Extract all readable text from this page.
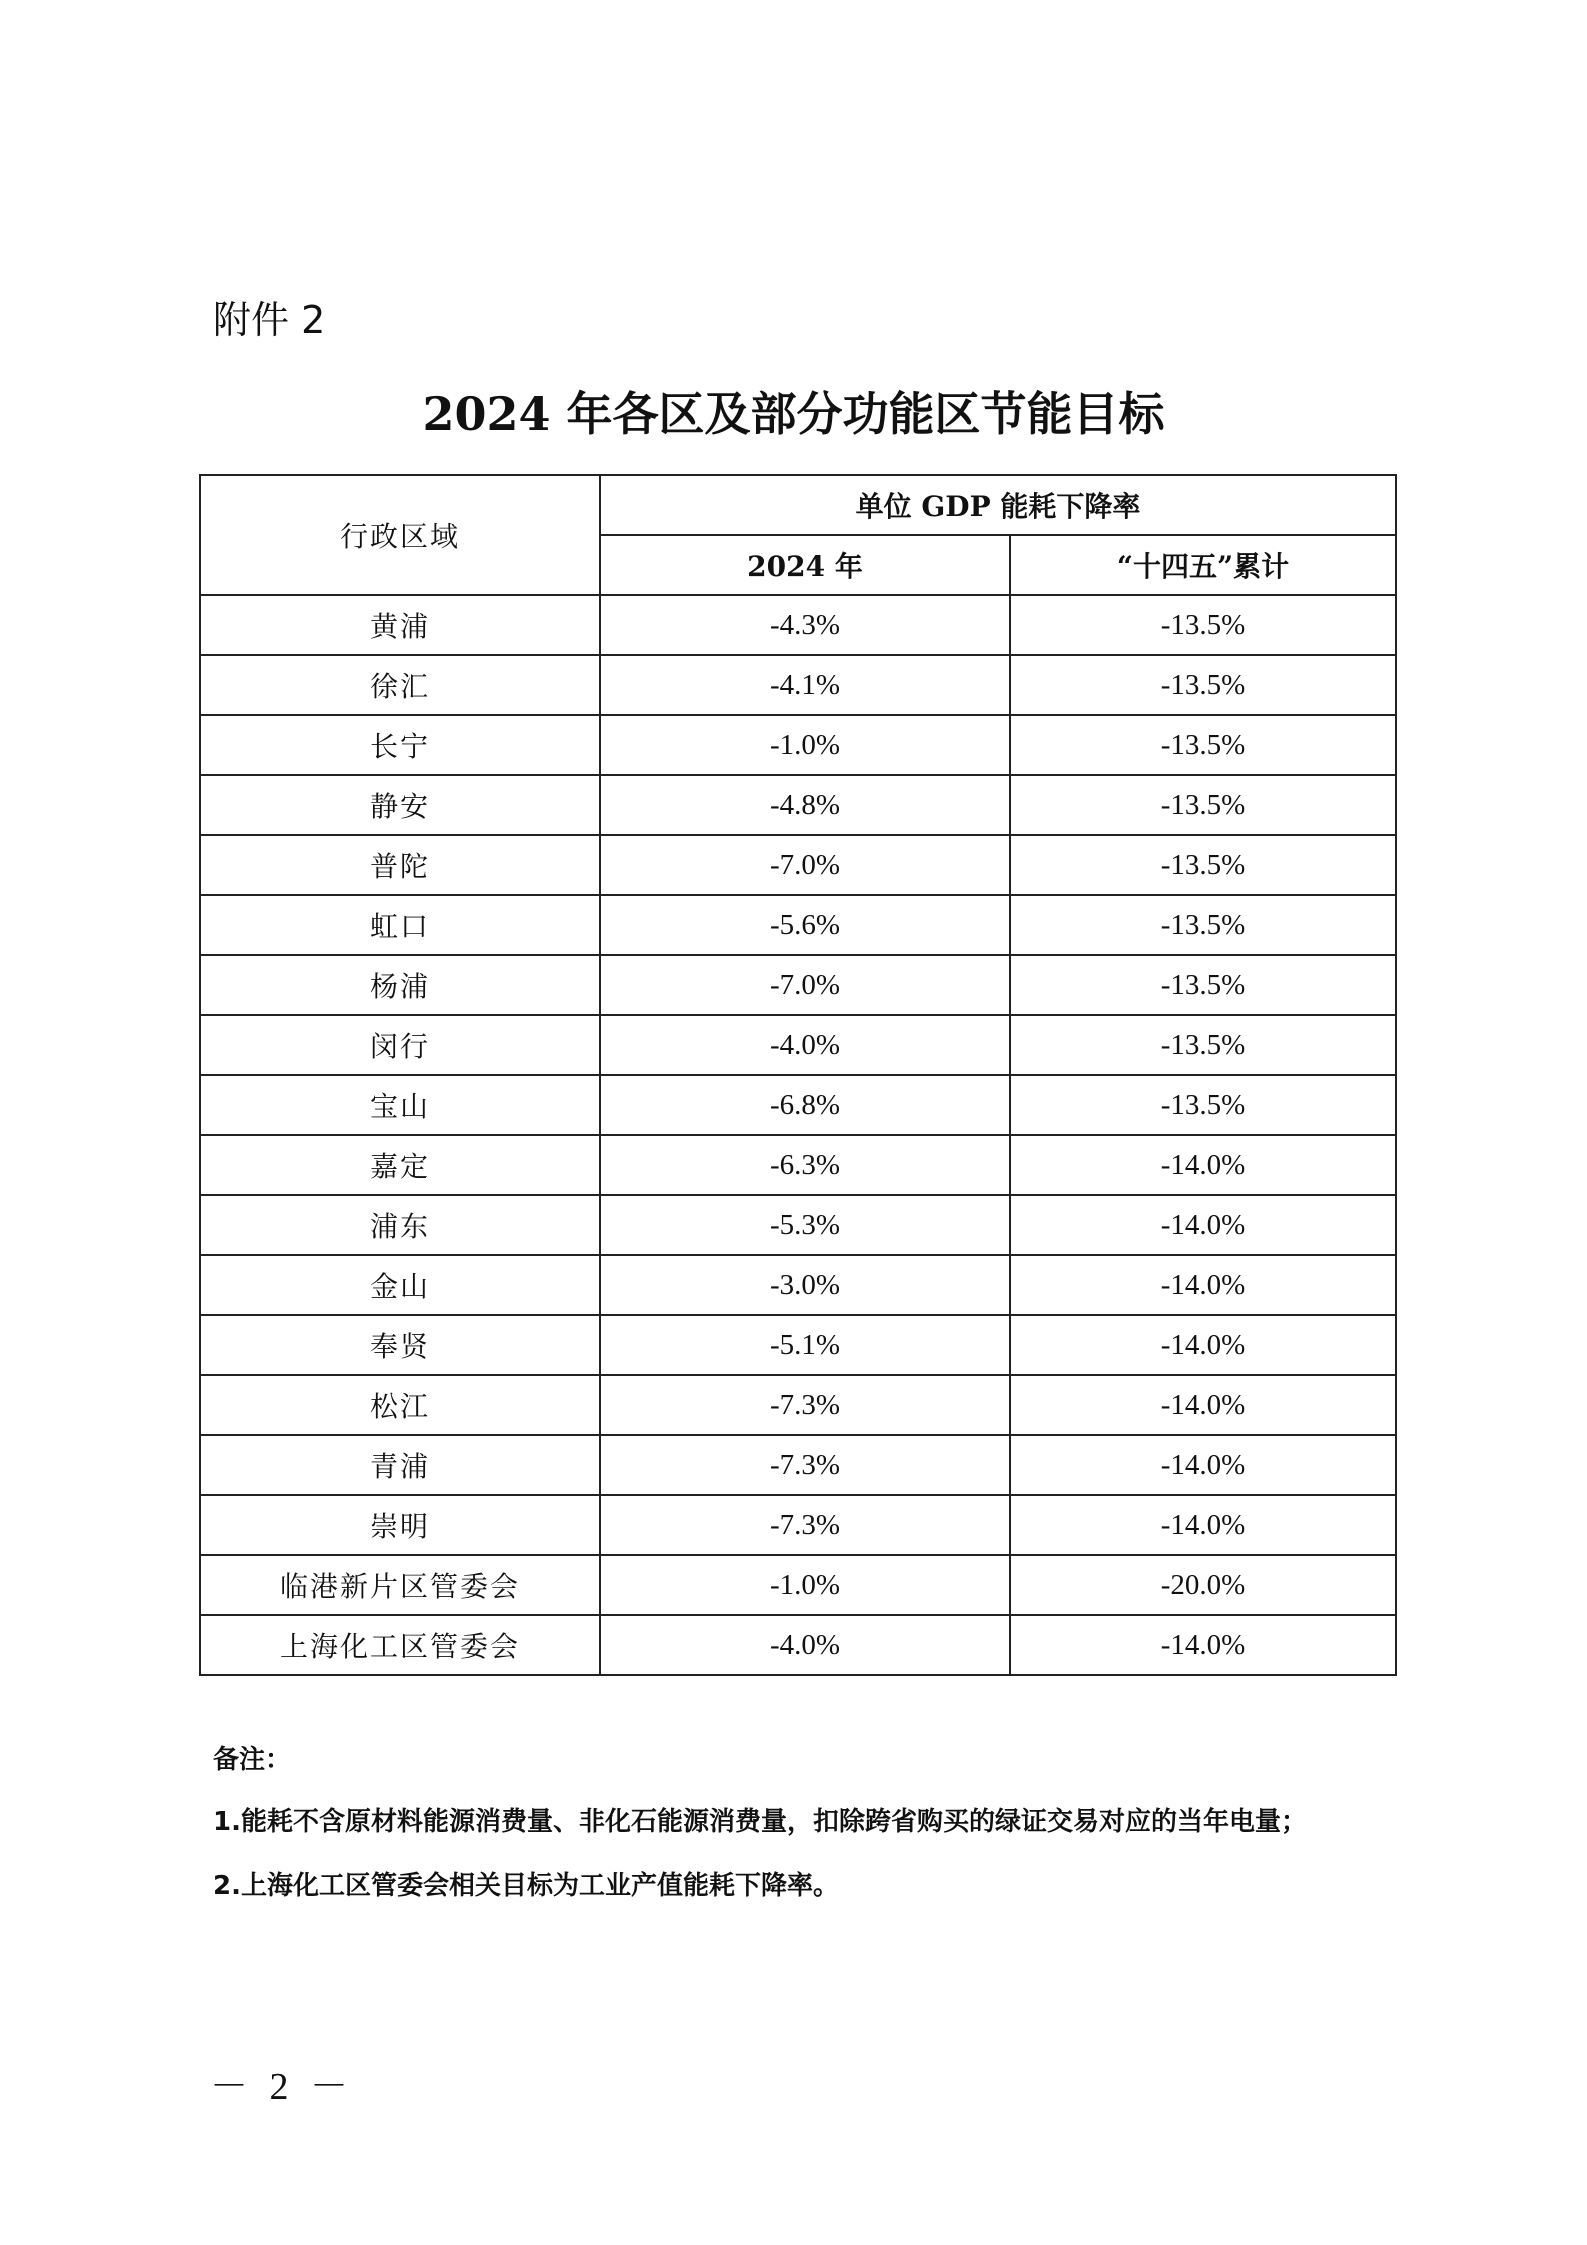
附件 2
2024 年各区及部分功能区节能目标
行政区域	单位 GDP 能耗下降率	
	2024 年	“十四五”累计
黄浦	-4.3%	-13.5%
徐汇	-4.1%	-13.5%
长宁	-1.0%	-13.5%
静安	-4.8%	-13.5%
普陀	-7.0%	-13.5%
虹口	-5.6%	-13.5%
杨浦	-7.0%	-13.5%
闵行	-4.0%	-13.5%
宝山	-6.8%	-13.5%
嘉定	-6.3%	-14.0%
浦东	-5.3%	-14.0%
金山	-3.0%	-14.0%
奉贤	-5.1%	-14.0%
松江	-7.3%	-14.0%
青浦	-7.3%	-14.0%
崇明	-7.3%	-14.0%
临港新片区管委会	-1.0%	-20.0%
上海化工区管委会	-4.0%	-14.0%
备注：
1.能耗不含原材料能源消费量、非化石能源消费量，扣除跨省购买的绿证交易对应的当年电量；
2.上海化工区管委会相关目标为工业产值能耗下降率。
－ 2 －
